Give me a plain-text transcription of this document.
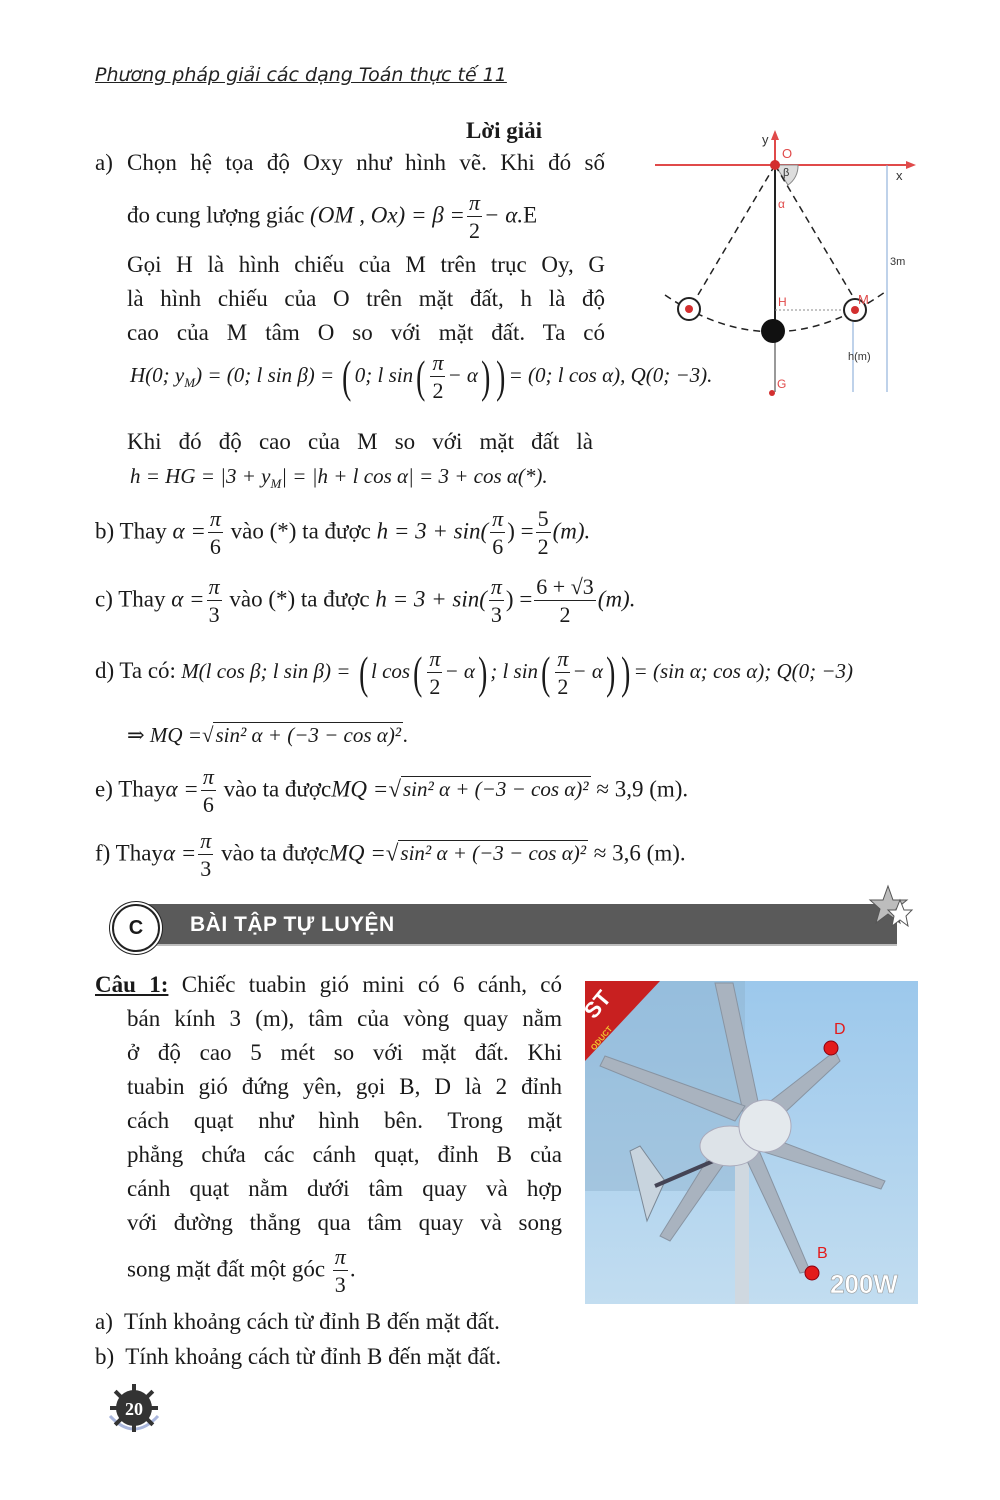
Phương pháp giải các dạng Toán thực tế 11
Lời giải
a) Chọn hệ tọa độ Oxy như hình vẽ. Khi đó số
đo cung lượng giác (OM , $Ox) = \beta = \frac{\pi}{2} - \alpha.E$
Gọi H là hình chiếu của M trên trục Oy, G
là hình chiếu của O trên mặt đất, h là độ
cao của M tâm O so với mặt đất. Ta có
H(0; $y_M) = (0$; l sin β) = ( 0; l $\sin( \frac{\pi}{2} - \alpha)$ ) = (0; l cos α), Q(0; −3).
Khi đó độ cao của M so với mặt đất là
h = HG = $|3 + y_M| = |h + l$ cos α| = 3 + cos α(*).
b) Thay $\alpha = \frac{\pi}{6}$ vào (*) ta được $h = 3 + \sin( \frac{\pi}{6}$ ) = $\frac{5}{2} (m)$.
c) Thay $\alpha = \frac{\pi}{3}$ vào (*) ta được $h = 3 + \sin( \frac{\pi}{3}$ ) = $\frac{6 + √3}{2} (m)$.
d) Ta có: M(l cos β; l sin β) = ( l $\cos( \frac{\pi}{2} - \alpha)$ ; l $\sin( \frac{\pi}{2} - \alpha)$ ) = (sin α; cos α); Q(0; −3)
⇒ MQ =√sin² α + (−3 − cos α)².
e) Thayα = $\frac{\pi}{6}$ vào ta đượcMQ =√sin² α + (−3 − cos α)² ≈ 3,9 (m).
f) Thayα = $\frac{\pi}{3}$ vào ta đượcMQ =√sin² α + (−3 − cos α)² ≈ 3,6 (m).
y
x
O
β
α
H	M
h(m)
3m
G
C	BÀI TẬP TỰ LUYỆN
Câu 1: Chiếc tuabin gió mini có 6 cánh, có
bán kính 3 (m), tâm của vòng quay nằm
ở độ cao 5 mét so với mặt đất. Khi
tuabin gió đứng yên, gọi B, D là 2 đỉnh
cách quạt như hình bên. Trong mặt
phẳng chứa các cánh quạt, đỉnh B của
cánh quạt nằm dưới tâm quay và hợp
với đường thẳng qua tâm quay và song
song mặt đất một góc $\frac{\pi}{3}$ .
a) Tính khoảng cách từ đỉnh B đến mặt đất.
b) Tính khoảng cách từ đỉnh B đến mặt đất.
ST
ODUCT	D
B
200W
20
